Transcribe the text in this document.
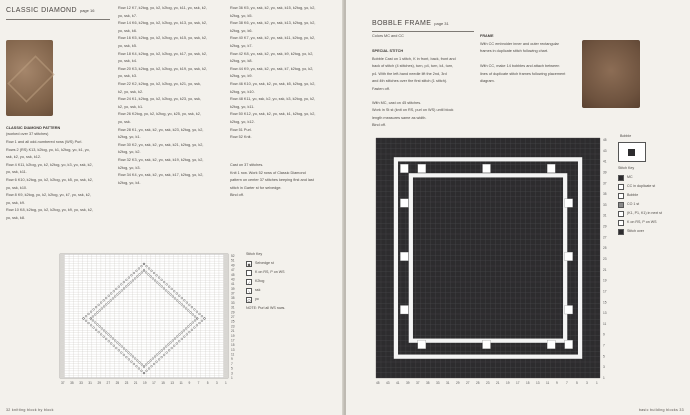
CLASSIC DIAMOND page 16
CLASSIC DIAMOND PATTERN
(worked over 37 stitches)
Row 1 and all odd-numbered rows (WS) Purl.
Rows 2 (RS) K13, k2tog, yo, k1, k2tog, yo, k1, yo,
ssk, k2, yo, ssk, k12.
Row 4 K11, k2tog, yo, k2, k2tog, yo, k3, yo, ssk, k2,
yo, ssk, k11.
Row 6 K10, k2tog, yo, k2, k2tog, yo, k5, yo, ssk, k2,
yo, ssk, k10.
Row 8 K9, k2tog, yo, k2, k2tog, yo, k7, yo, ssk, k2,
yo, ssk, k9.
Row 10 K8, k2tog, yo, k2, k2tog, yo, k9, yo, ssk, k2,
yo, ssk, k8.
Row 12 K7, k2tog, yo, k2, k2tog, yo, k11, yo, ssk, k2,
yo, ssk, k7.
Row 14 K6, k2tog, yo, k2, k2tog, yo, k13, yo, ssk, k2,
yo, ssk, k6.
Row 16 K5, k2tog, yo, k2, k2tog, yo, k15, yo, ssk, k2,
yo, ssk, k5.
Row 18 K4, k2tog, yo, k2, k2tog, yo, k17, yo, ssk, k2,
yo, ssk, k4.
Row 20 K3, k2tog, yo, k2, k2tog, yo, k19, yo, ssk, k2,
yo, ssk, k3.
Row 22 K2, k2tog, yo, k2, k2tog, yo, k21, yo, ssk,
k2, yo, ssk, k2.
Row 24 K1, k2tog, yo, k2, k2tog, yo, k23, yo, ssk,
k2, yo, ssk, k1.
Row 26 K2tog, yo, k2, k2tog, yo, k25, yo, ssk, k2,
yo, ssk.
Row 28 K1, yo, ssk, k2, yo, ssk, k23, k2tog, yo, k2,
k2tog, yo, k1.
Row 30 K2, yo, ssk, k2, yo, ssk, k21, k2tog, yo, k2,
k2tog, yo, k2.
Row 32 K3, yo, ssk, k2, yo, ssk, k19, k2tog, yo, k2,
k2tog, yo, k3.
Row 34 K4, yo, ssk, k2, yo, ssk, k17, k2tog, yo, k2,
k2tog, yo, k4.
Row 36 K5, yo, ssk, k2, yo, ssk, k15, k2tog, yo, k2,
k2tog, yo, k5.
Row 38 K6, yo, ssk, k2, yo, ssk, k13, k2tog, yo, k2,
k2tog, yo, k6.
Row 40 K7, yo, ssk, k2, yo, ssk, k11, k2tog, yo, k2,
k2tog, yo, k7.
Row 42 K8, yo, ssk, k2, yo, ssk, k9, k2tog, yo, k2,
k2tog, yo, k8.
Row 44 K9, yo, ssk, k2, yo, ssk, k7, k2tog, yo, k2,
k2tog, yo, k9.
Row 46 K10, yo, ssk, k2, yo, ssk, k5, k2tog, yo, k2,
k2tog, yo, k10.
Row 48 K11, yo, ssk, k2, yo, ssk, k3, k2tog, yo, k2,
k2tog, yo, k11.
Row 50 K12, yo, ssk, k2, yo, ssk, k1, k2tog, yo, k2,
k2tog, yo, k12.
Row 51 Purl.
Row 52 Knit.
Cast on 37 stitches.
Knit 1 row. Work 52 rows of Classic Diamond
pattern on center 37 stitches keeping first and last
stitch in Garter st for selvedge.
Bind off.
52
51
49
47
45
43
41
39
37
35
33
31
29
27
25
23
21
19
17
15
13
11
9
7
5
3
1
37 35 33 31 29 27 25 23 21 19 17 15 13 11 9 7 5 3 1
Stitch Key
◆	Selvedge st
K on RS, P on WS
/	K2tog
\	ssk
O	yo
NOTE: Purl all WS rows.
32 knitting block by block
BOBBLE FRAME page 31
Colors MC and CC
SPECIAL STITCH
Bobble Cast on 1 stitch, K in front, back, front and
back of stitch (4 stitches), turn, p4, turn, k4, turn,
p4. With the left-hand needle lift the 2nd, 3rd
and 4th stitches over the first stitch (1 stitch).
Fasten off.
With MC, cast on 45 stitches.
Work in St st (knit on RS, purl on WS) until block
length measures same as width.
Bind off.
FRAME
With CC embroider inner and outer rectangular
frames in duplicate stitch following chart.
With CC, make 14 bobbles and attach between
lines of duplicate stitch frames following placement
diagram.
45
43
41
39
37
35
33
31
29
27
25
23
21
19
17
15
13
11
9
7
5
3
1
45 43 41 39 37 35 33 31 29 27 25 23 21 19 17 15 13 11 9	7	5	3	1
Bobble
Stitch Key
MC
CC in duplicate st
Bobble
CO 1 st
(K1, P1, K1) in next st
K on RS, P on WS
Stitch over
basic building blocks 33
